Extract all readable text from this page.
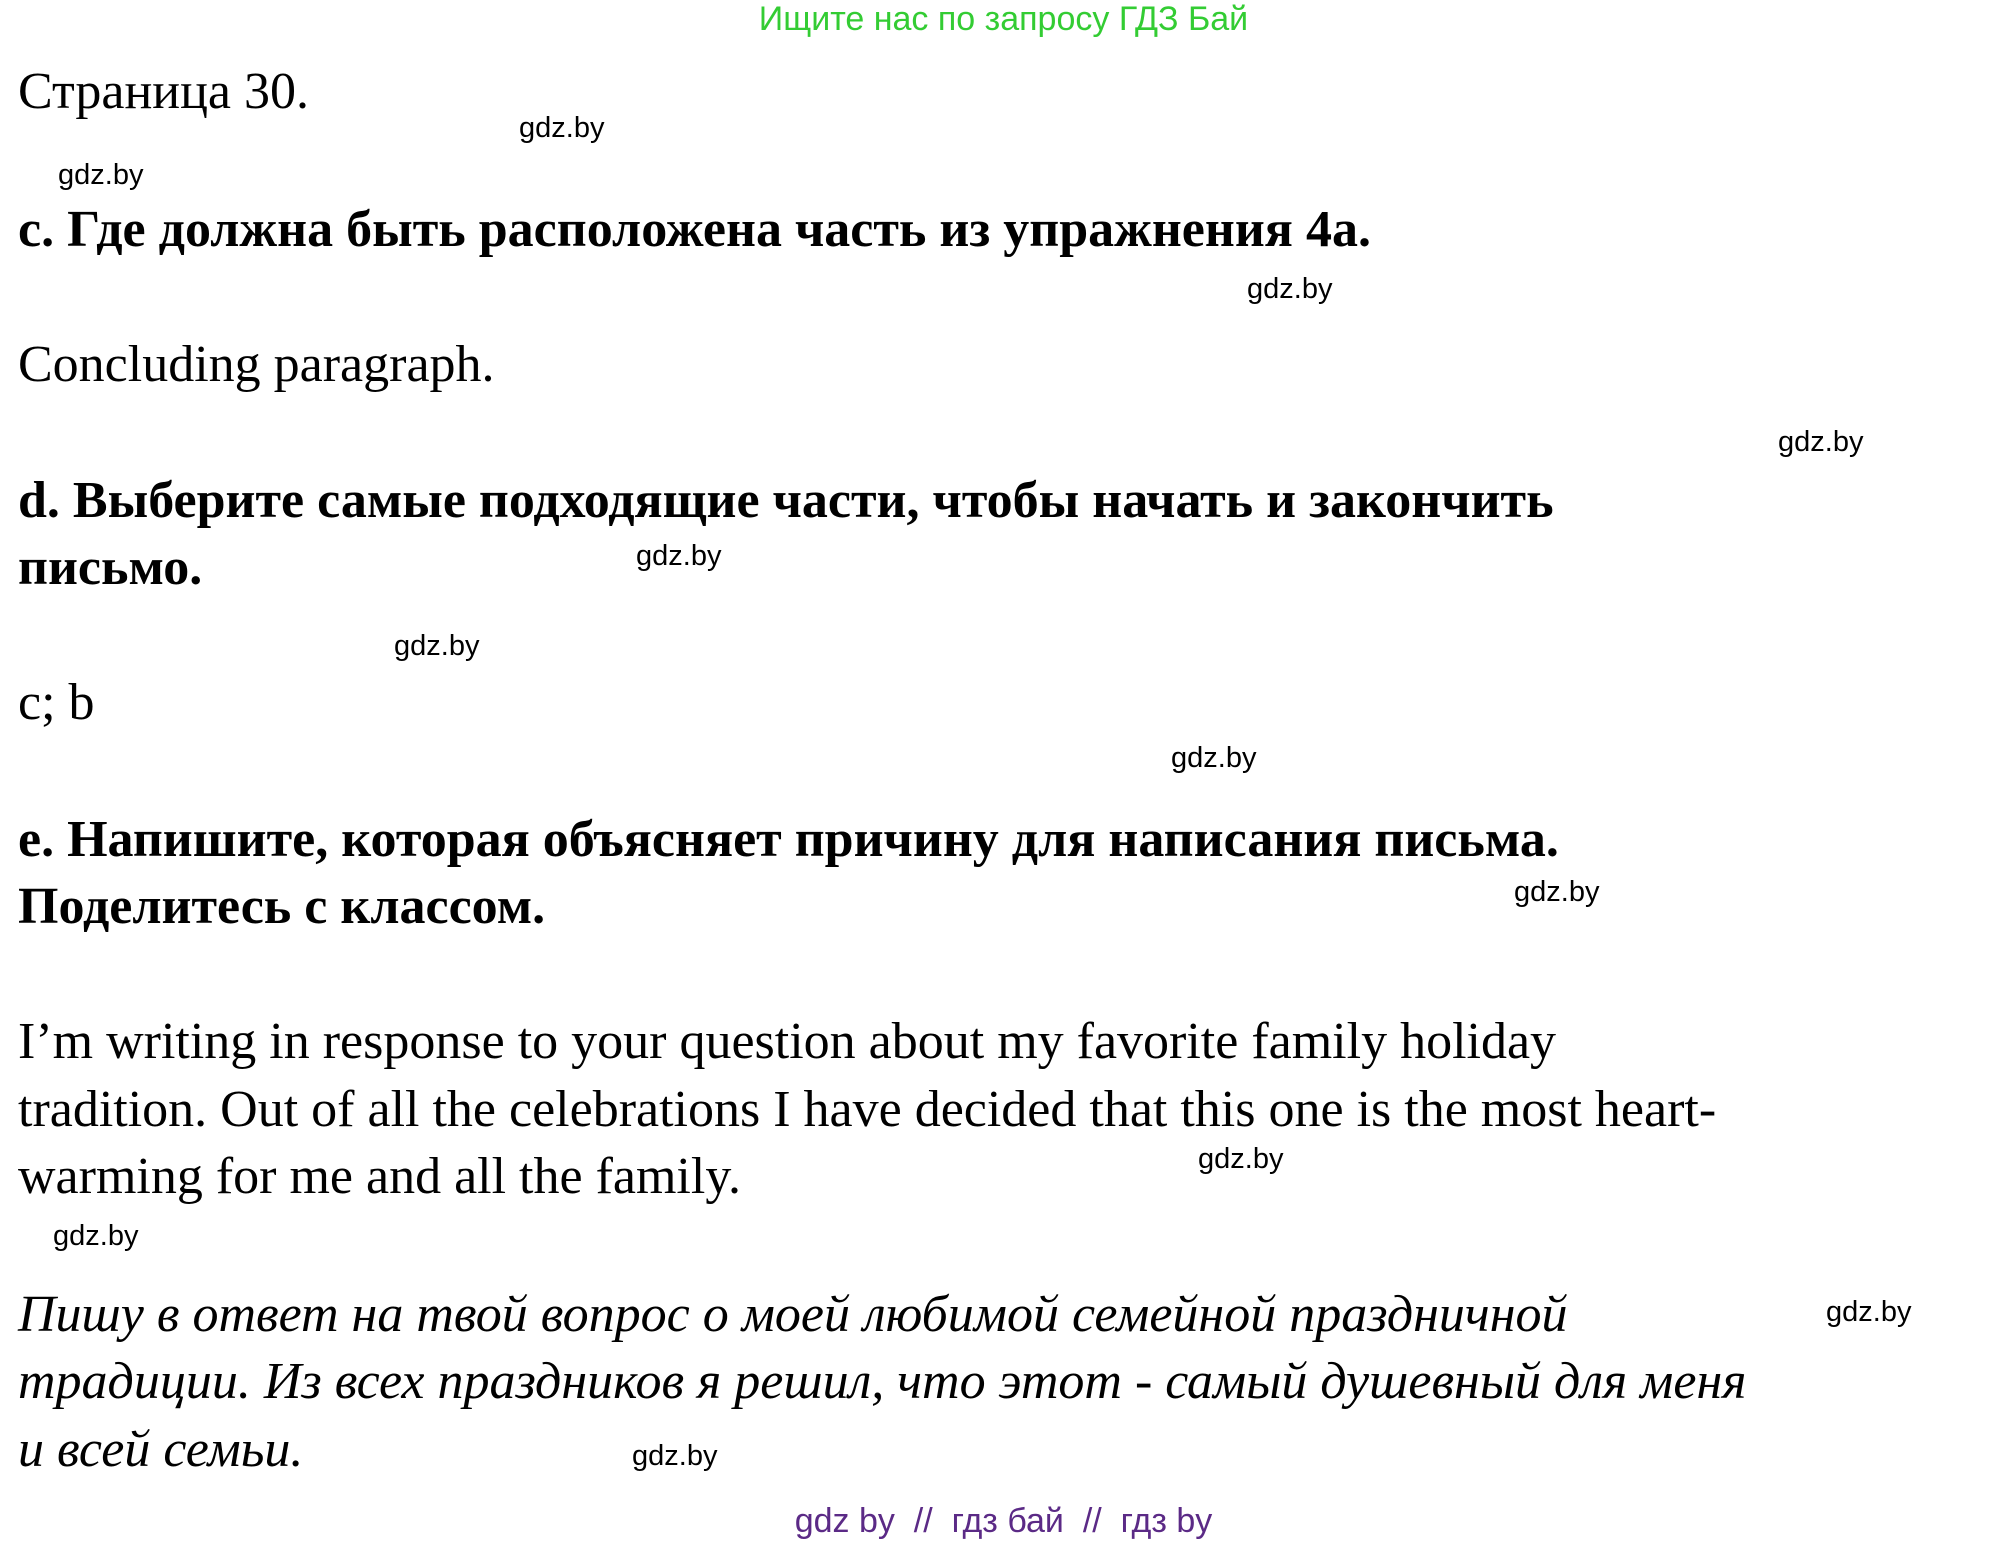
Ищите нас по запросу ГДЗ Бай
Страница 30.
c. Где должна быть расположена часть из упражнения 4a.
Concluding paragraph.
d. Выберите самые подходящие части, чтобы начать и закончить
письмо.
c; b
e. Напишите, которая объясняет причину для написания письма.
Поделитесь с классом.
I’m writing in response to your question about my favorite family holiday
tradition. Out of all the celebrations I have decided that this one is the most heart-
warming for me and all the family.
Пишу в ответ на твой вопрос о моей любимой семейной праздничной
традиции. Из всех праздников я решил, что этот - самый душевный для меня
и всей семьи.
gdz.by
gdz.by
gdz.by
gdz.by
gdz.by
gdz.by
gdz.by
gdz.by
gdz.by
gdz.by
gdz.by
gdz.by
gdz by  //  гдз бай  //  гдз by
